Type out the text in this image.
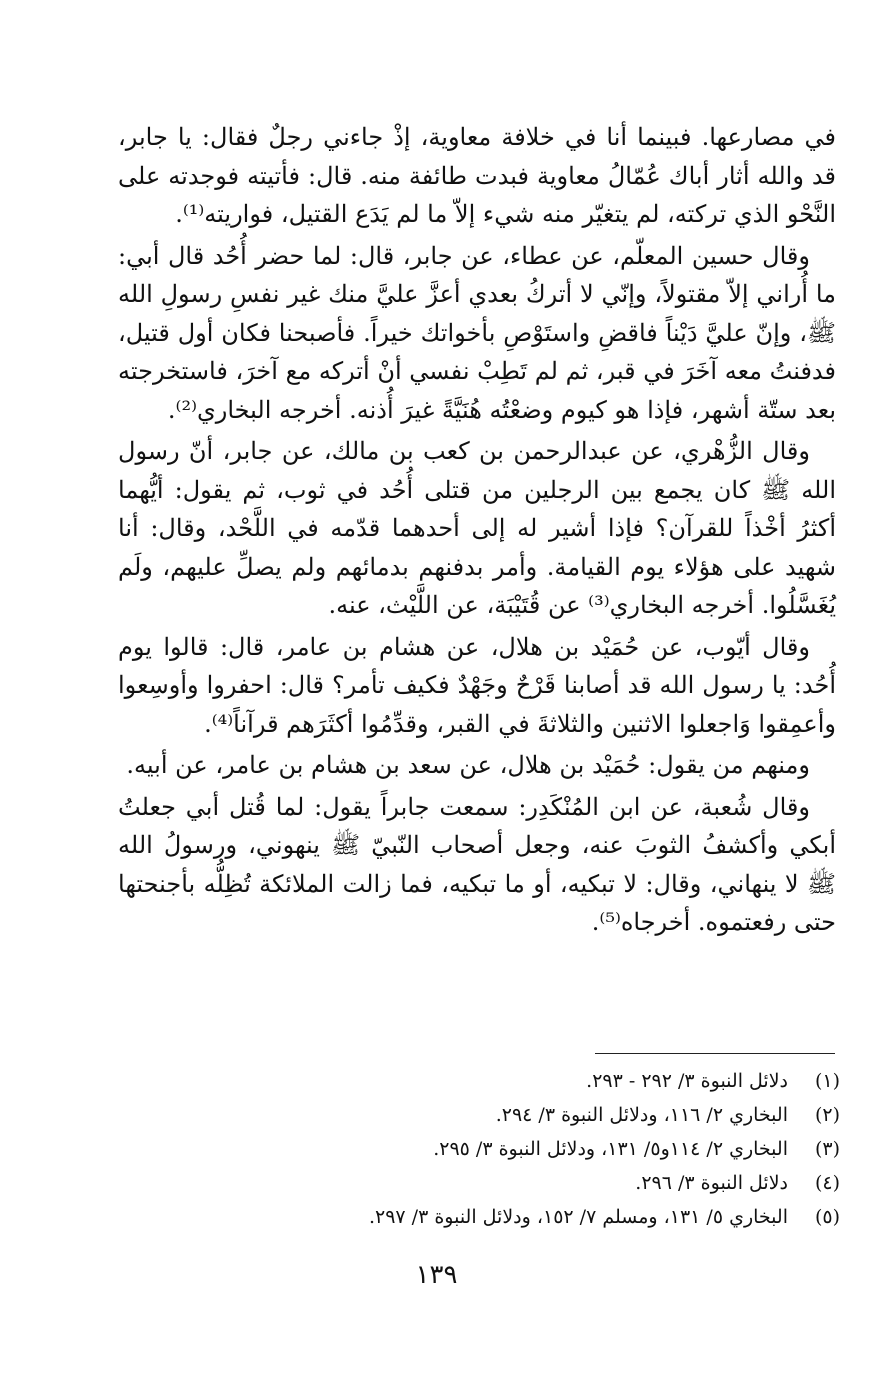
في مصارعها. فبينما أنا في خلافة معاوية، إذْ جاءني رجلٌ فقال: يا جابر، قد والله أثار أباك عُمّالُ معاوية فبدت طائفة منه. قال: فأتيته فوجدته على النَّحْو الذي تركته، لم يتغيّر منه شيء إلاّ ما لم يَدَع القتيل، فواريته⁽¹⁾.

وقال حسين المعلّم، عن عطاء، عن جابر، قال: لما حضر أُحُد قال أبي: ما أُراني إلاّ مقتولاً، وإنّي لا أتركُ بعدي أعزَّ عليَّ منك غير نفسِ رسولِ الله ﷺ، وإنّ عليَّ دَيْناً فاقضِ واستَوْصِ بأخواتك خيراً. فأصبحنا فكان أول قتيل، فدفنتُ معه آخَرَ في قبر، ثم لم تَطِبْ نفسي أنْ أتركه مع آخرَ، فاستخرجته بعد ستّة أشهر، فإذا هو كيوم وضعْتُه هُنَيَّةً غيرَ أُذنه. أخرجه البخاري⁽²⁾.

وقال الزُّهْري، عن عبدالرحمن بن كعب بن مالك، عن جابر، أنّ رسول الله ﷺ كان يجمع بين الرجلين من قتلى أُحُد في ثوب، ثم يقول: أيُّهما أكثرُ أخْذاً للقرآن؟ فإذا أشير له إلى أحدهما قدّمه في اللَّحْد، وقال: أنا شهيد على هؤلاء يوم القيامة. وأمر بدفنهم بدمائهم ولم يصلِّ عليهم، ولَم يُغَسَّلُوا. أخرجه البخاري⁽³⁾ عن قُتَيْبَة، عن اللَّيْث، عنه.

وقال أيّوب، عن حُمَيْد بن هلال، عن هشام بن عامر، قال: قالوا يوم أُحُد: يا رسول الله قد أصابنا قَرْحٌ وجَهْدٌ فكيف تأمر؟ قال: احفروا وأوسِعوا وأعمِقوا وَاجعلوا الاثنين والثلاثةَ في القبر، وقدِّمُوا أكثَرَهم قرآناً⁽⁴⁾.

ومنهم من يقول: حُمَيْد بن هلال، عن سعد بن هشام بن عامر، عن أبيه.

وقال شُعبة، عن ابن المُنْكَدِر: سمعت جابراً يقول: لما قُتل أبي جعلتُ أبكي وأكشفُ الثوبَ عنه، وجعل أصحاب النّبيّ ﷺ ينهوني، ورسولُ الله ﷺ لا ينهاني، وقال: لا تبكيه، أو ما تبكيه، فما زالت الملائكة تُظِلُّه بأجنحتها حتى رفعتموه. أخرجاه⁽⁵⁾.

(١)
دلائل النبوة ٣/ ٢٩٢ - ٢٩٣.
(٢)
البخاري ٢/ ١١٦، ودلائل النبوة ٣/ ٢٩٤.
(٣)
البخاري ٢/ ١١٤و٥/ ١٣١، ودلائل النبوة ٣/ ٢٩٥.
(٤)
دلائل النبوة ٣/ ٢٩٦.
(٥)
البخاري ٥/ ١٣١، ومسلم ٧/ ١٥٢، ودلائل النبوة ٣/ ٢٩٧.
١٣٩
